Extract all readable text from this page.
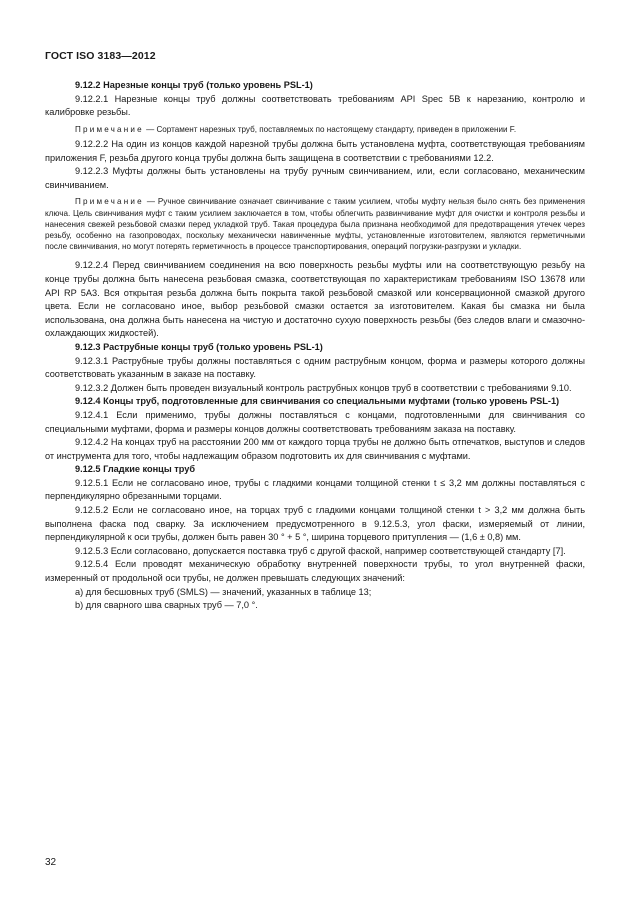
ГОСТ ISO 3183—2012

9.12.2 Нарезные концы труб (только уровень PSL-1)

9.12.2.1 Нарезные концы труб должны соответствовать требованиям API Spec 5B к нарезанию, контролю и калибровке резьбы.

Примечание — Сортамент нарезных труб, поставляемых по настоящему стандарту, приведен в приложении F.

9.12.2.2 На один из концов каждой нарезной трубы должна быть установлена муфта, соответствующая требованиям приложения F, резьба другого конца трубы должна быть защищена в соответствии с требованиями 12.2.

9.12.2.3 Муфты должны быть установлены на трубу ручным свинчиванием, или, если согласовано, механическим свинчиванием.

Примечание — Ручное свинчивание означает свинчивание с таким усилием, чтобы муфту нельзя было снять без применения ключа. Цель свинчивания муфт с таким усилием заключается в том, чтобы облегчить развинчивание муфт для очистки и контроля резьбы и нанесения свежей резьбовой смазки перед укладкой труб. Такая процедура была признана необходимой для предотвращения утечек через резьбу, особенно на газопроводах, поскольку механически навинченные муфты, установленные изготовителем, являются герметичными после свинчивания, но могут потерять герметичность в процессе транспортирования, операций погрузки-разгрузки и укладки.

9.12.2.4 Перед свинчиванием соединения на всю поверхность резьбы муфты или на соответствующую резьбу на конце трубы должна быть нанесена резьбовая смазка, соответствующая по характеристикам требованиям ISO 13678 или API RP 5A3. Вся открытая резьба должна быть покрыта такой резьбовой смазкой или консервационной смазкой другого цвета. Если не согласовано иное, выбор резьбовой смазки остается за изготовителем. Какая бы смазка ни была использована, она должна быть нанесена на чистую и достаточно сухую поверхность резьбы (без следов влаги и смазочно-охлаждающих жидкостей).

9.12.3 Раструбные концы труб (только уровень PSL-1)

9.12.3.1 Раструбные трубы должны поставляться с одним раструбным концом, форма и размеры которого должны соответствовать указанным в заказе на поставку.

9.12.3.2 Должен быть проведен визуальный контроль раструбных концов труб в соответствии с требованиями 9.10.

9.12.4 Концы труб, подготовленные для свинчивания со специальными муфтами (только уровень PSL-1)

9.12.4.1 Если применимо, трубы должны поставляться с концами, подготовленными для свинчивания со специальными муфтами, форма и размеры концов должны соответствовать требованиям заказа на поставку.

9.12.4.2 На концах труб на расстоянии 200 мм от каждого торца трубы не должно быть отпечатков, выступов и следов от инструмента для того, чтобы надлежащим образом подготовить их для свинчивания с муфтами.

9.12.5 Гладкие концы труб

9.12.5.1 Если не согласовано иное, трубы с гладкими концами толщиной стенки t ≤ 3,2 мм должны поставляться с перпендикулярно обрезанными торцами.

9.12.5.2 Если не согласовано иное, на торцах труб с гладкими концами толщиной стенки t > 3,2 мм должна быть выполнена фаска под сварку. За исключением предусмотренного в 9.12.5.3, угол фаски, измеряемый от линии, перпендикулярной к оси трубы, должен быть равен 30 ° + 5 °, ширина торцевого притупления — (1,6 ± 0,8) мм.

9.12.5.3 Если согласовано, допускается поставка труб с другой фаской, например соответствующей стандарту [7].

9.12.5.4 Если проводят механическую обработку внутренней поверхности трубы, то угол внутренней фаски, измеренный от продольной оси трубы, не должен превышать следующих значений:

a) для бесшовных труб (SMLS) — значений, указанных в таблице 13;

b) для сварного шва сварных труб — 7,0 °.

32
